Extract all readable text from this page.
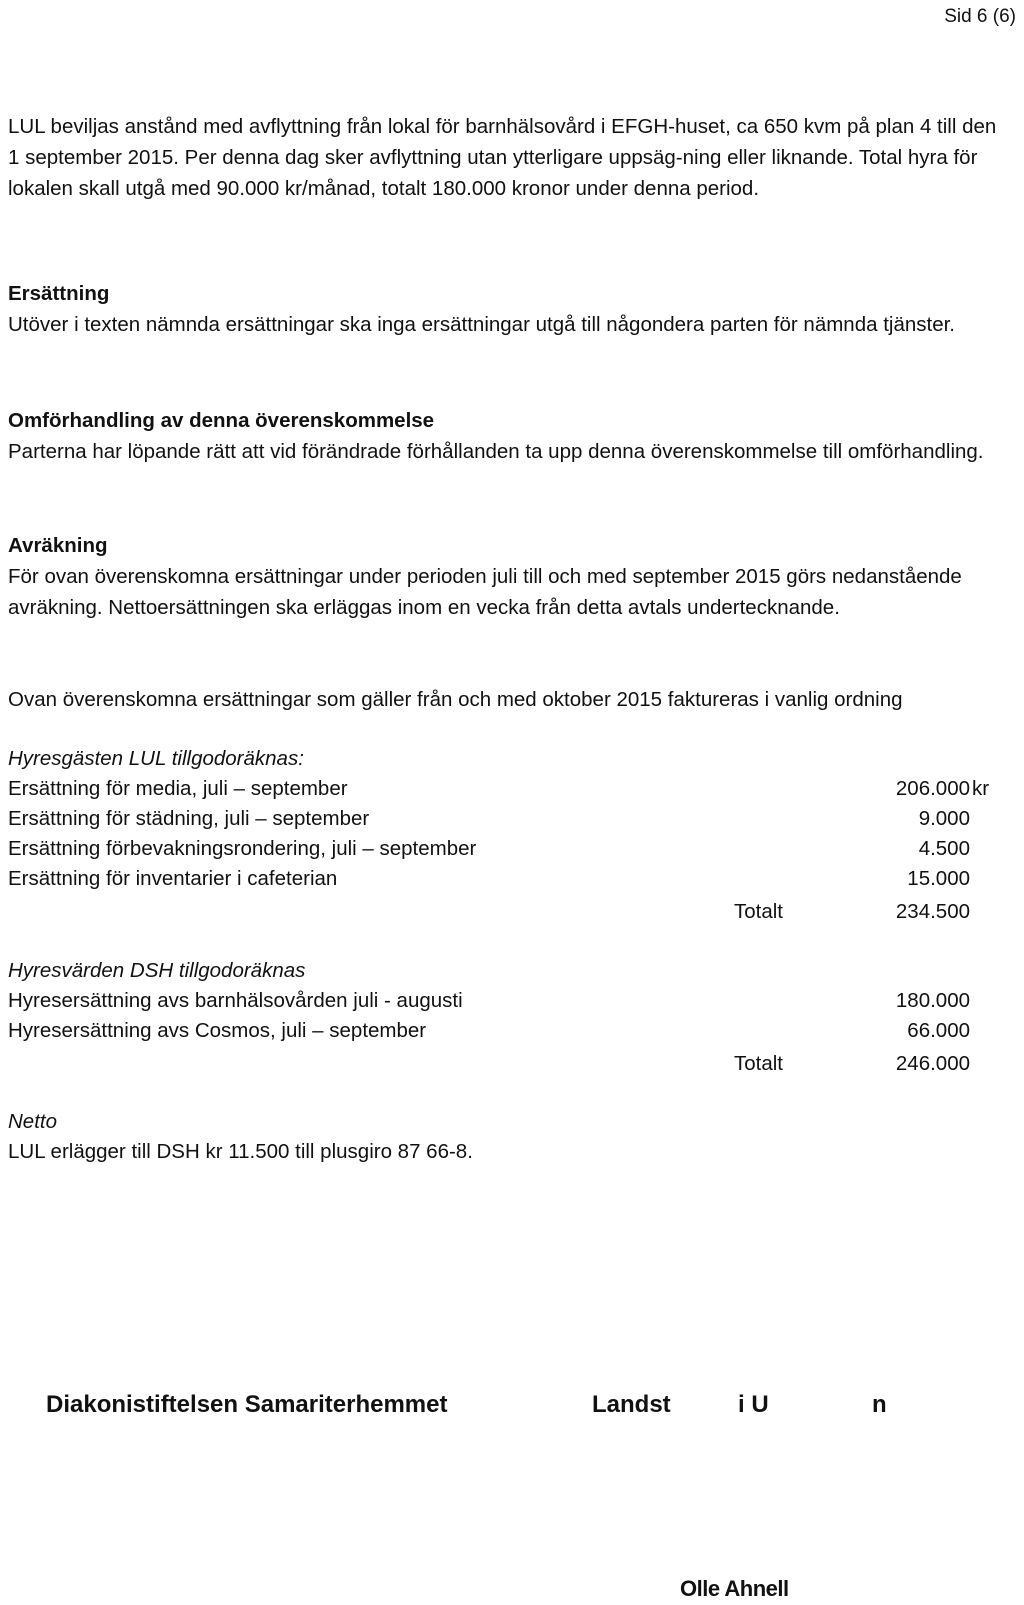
Sid 6 (6)

LUL beviljas anstånd med avflyttning från lokal för barnhälsovård i EFGH-huset, ca 650 kvm på plan 4 till den 1 september 2015. Per denna dag sker avflyttning utan ytterligare uppsäg-ning eller liknande. Total hyra för lokalen skall utgå med 90.000 kr/månad, totalt 180.000 kronor under denna period.

Ersättning

Utöver i texten nämnda ersättningar ska inga ersättningar utgå till någondera parten för nämnda tjänster.

Omförhandling av denna överenskommelse

Parterna har löpande rätt att vid förändrade förhållanden ta upp denna överenskommelse till omförhandling.

Avräkning

För ovan överenskomna ersättningar under perioden juli till och med september 2015 görs nedanstående avräkning. Nettoersättningen ska erläggas inom en vecka från detta avtals undertecknande.

Ovan överenskomna ersättningar som gäller från och med oktober 2015 faktureras i vanlig ordning

Hyresgästen LUL tillgodoräknas:

Ersättning för media, juli – september	206.000 kr
Ersättning för städning, juli – september	9.000
Ersättning förbevakningsrondering, juli – september	4.500
Ersättning för inventarier i cafeterian	15.000
Totalt	234.500

Hyresvärden DSH tillgodoräknas

Hyresersättning avs barnhälsovården juli - augusti	180.000
Hyresersättning avs Cosmos, juli – september	66.000
Totalt	246.000

Netto

LUL erlägger till DSH kr 11.500 till plusgiro 87 66-8.

Diakonistiftelsen Samariterhemmet	Landst	i U	n
Olle Ahnell
